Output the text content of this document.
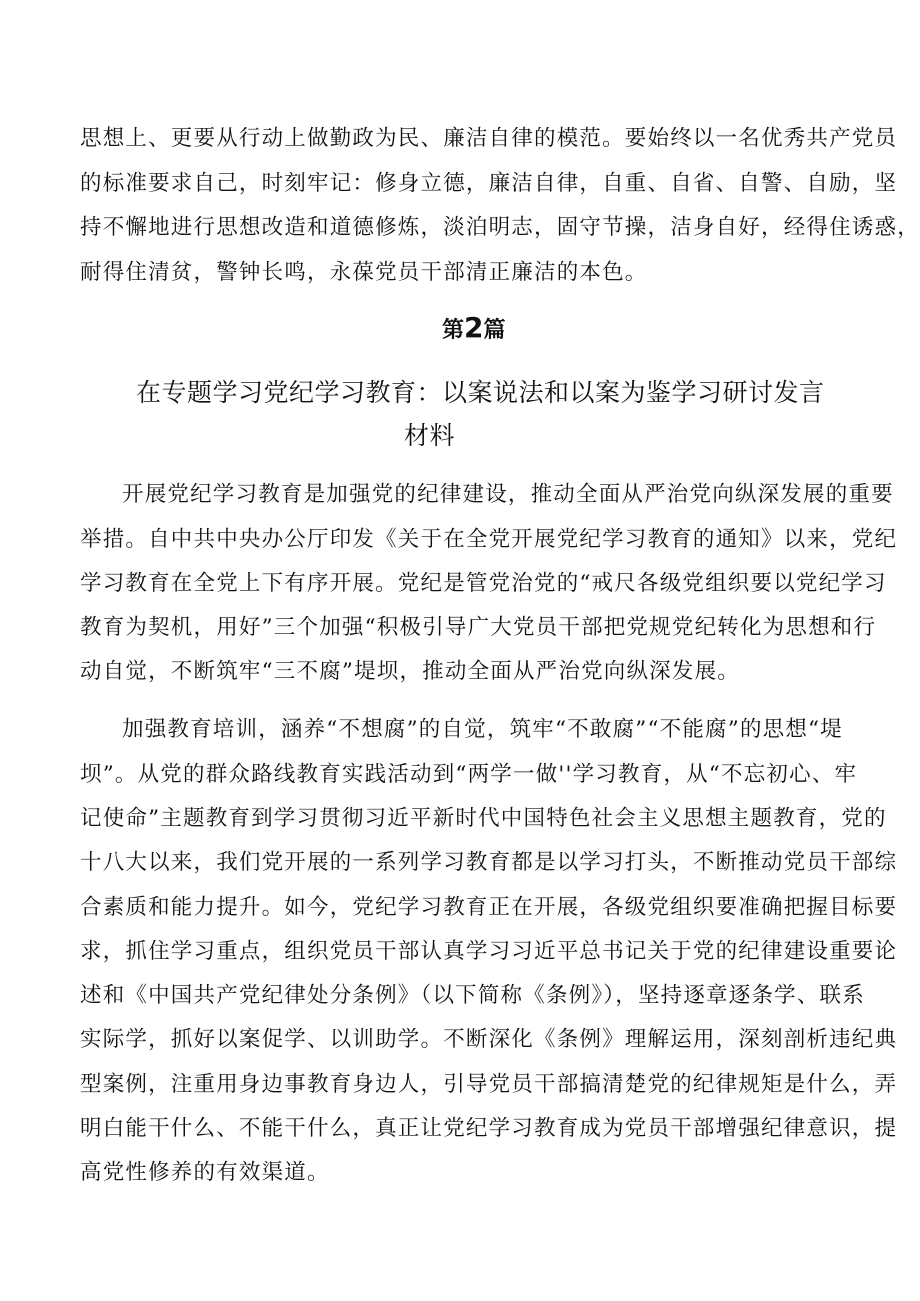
思想上、更要从行动上做勤政为民、廉洁自律的模范。要始终以一名优秀共产党员
的标准要求自己，时刻牢记：修身立德，廉洁自律，自重、自省、自警、自励，坚
持不懈地进行思想改造和道德修炼，淡泊明志，固守节操，洁身自好，经得住诱惑，
耐得住清贫，警钟长鸣，永葆党员干部清正廉洁的本色。
第2篇
在专题学习党纪学习教育：以案说法和以案为鉴学习研讨发言
材料
开展党纪学习教育是加强党的纪律建设，推动全面从严治党向纵深发展的重要
举措。自中共中央办公厅印发《关于在全党开展党纪学习教育的通知》以来，党纪
学习教育在全党上下有序开展。党纪是管党治党的“戒尺各级党组织要以党纪学习
教育为契机，用好”三个加强“积极引导广大党员干部把党规党纪转化为思想和行
动自觉，不断筑牢“三不腐”堤坝，推动全面从严治党向纵深发展。
加强教育培训，涵养“不想腐”的自觉，筑牢“不敢腐”“不能腐”的思想“堤
坝”。从党的群众路线教育实践活动到“两学一做''学习教育，从“不忘初心、牢
记使命”主题教育到学习贯彻习近平新时代中国特色社会主义思想主题教育，党的
十八大以来，我们党开展的一系列学习教育都是以学习打头，不断推动党员干部综
合素质和能力提升。如今，党纪学习教育正在开展，各级党组织要准确把握目标要
求，抓住学习重点，组织党员干部认真学习习近平总书记关于党的纪律建设重要论
述和《中国共产党纪律处分条例》（以下简称《条例》），坚持逐章逐条学、联系
实际学，抓好以案促学、以训助学。不断深化《条例》理解运用，深刻剖析违纪典
型案例，注重用身边事教育身边人，引导党员干部搞清楚党的纪律规矩是什么，弄
明白能干什么、不能干什么，真正让党纪学习教育成为党员干部增强纪律意识，提
高党性修养的有效渠道。
